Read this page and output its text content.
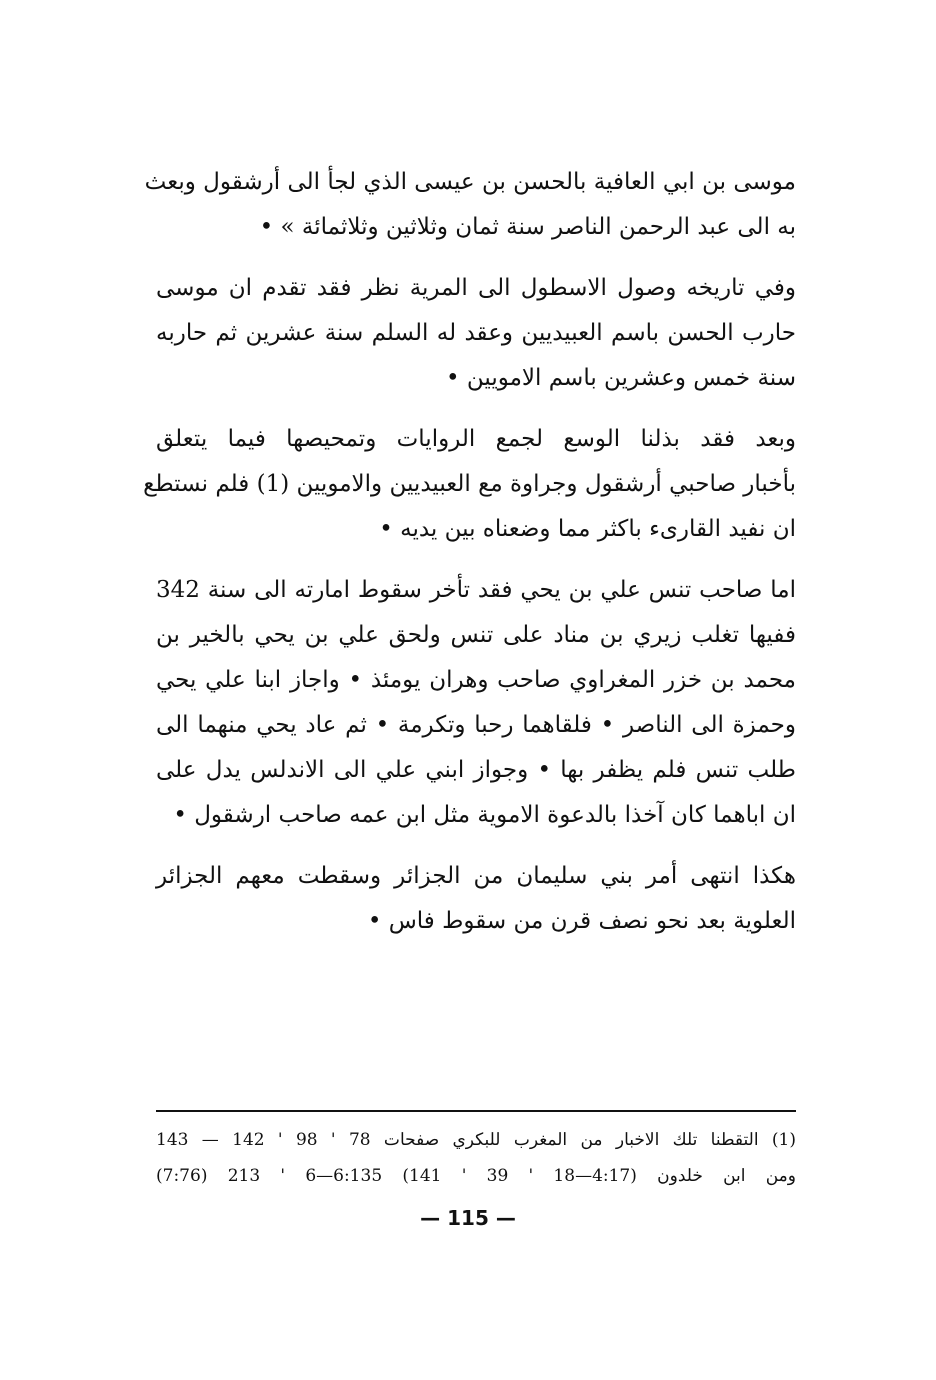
موسى بن ابي العافية بالحسن بن عيسى الذي لجأ الى أرشقول وبعث
به الى عبد الرحمن الناصر سنة ثمان وثلاثين وثلاثمائة » •
وفي تاريخه وصول الاسطول الى المرية نظر فقد تقدم ان موسى
حارب الحسن باسم العبيديين وعقد له السلم سنة عشرين ثم حاربه
سنة خمس وعشرين باسم الامويين •
وبعد فقد بذلنا الوسع لجمع الروايات وتمحيصها فيما يتعلق
بأخبار صاحبي أرشقول وجراوة مع العبيديين والامويين (1) فلم نستطع
ان نفيد القارىء باكثر مما وضعناه بين يديه •
اما صاحب تنس علي بن يحي فقد تأخر سقوط امارته الى سنة 342
ففيها تغلب زيري بن مناد على تنس ولحق علي بن يحي بالخير بن
محمد بن خزر المغراوي صاحب وهران يومئذ • واجاز ابنا علي يحي
وحمزة الى الناصر • فلقاهما رحبا وتكرمة • ثم عاد يحي منهما الى
طلب تنس فلم يظفر بها • وجواز ابني علي الى الاندلس يدل على
ان اباهما كان آخذا بالدعوة الاموية مثل ابن عمه صاحب ارشقول •
هكذا انتهى أمر بني سليمان من الجزائر وسقطت معهم الجزائر
العلوية بعد نحو نصف قرن من سقوط فاس •
(1) التقطنا تلك الاخبار من المغرب للبكري صفحات 78 ' 98 ' 142 — 143
ومن ابن خلدون (4:17—18 ' 39 ' 141) 6:135—6 ' 213 (7:76)
— 115 —
